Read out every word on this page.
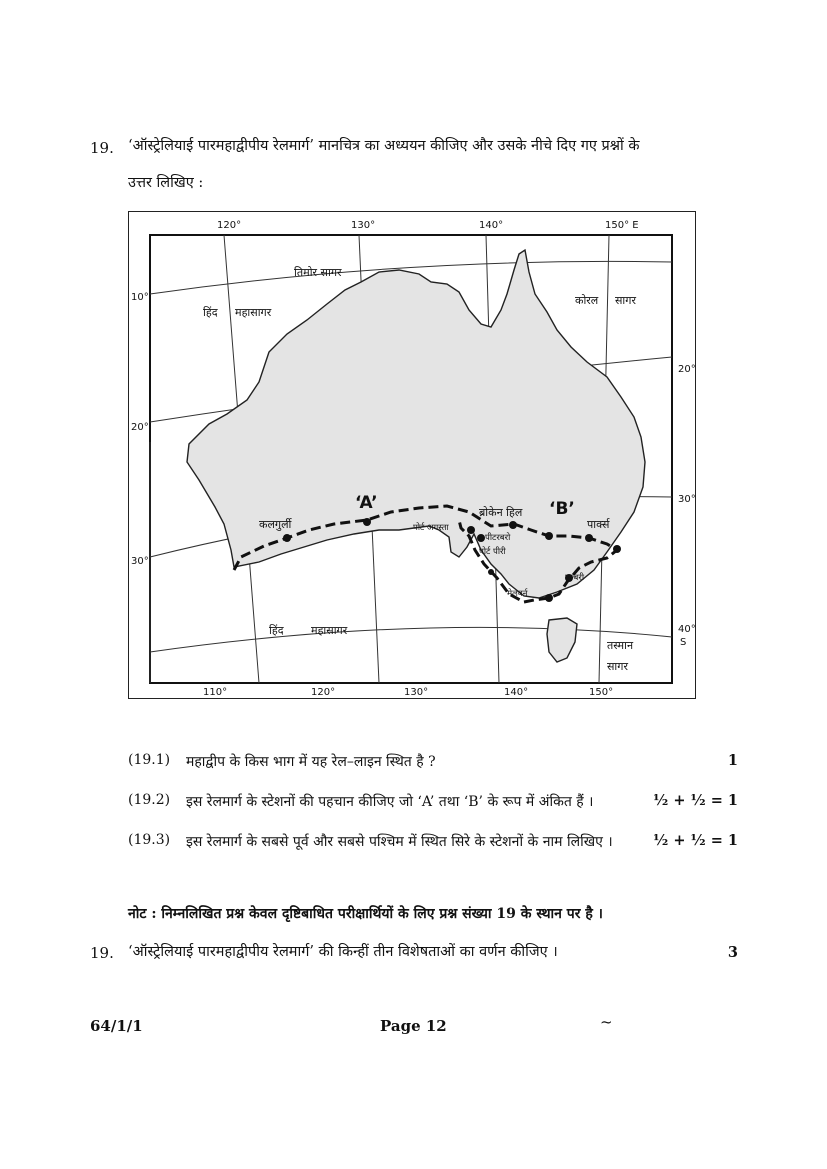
19. ‘ऑस्ट्रेलियाई पारमहाद्वीपीय रेलमार्ग’ मानचित्र का अध्ययन कीजिए और उसके नीचे दिए गए प्रश्नों के
उत्तर लिखिए :
120°	130°	140°	150° E
110°	120°	130°	140°	150°
10°
20°
30°
20°
30°
40°
S
तिमोर सागर
हिंद महासागर
कोरल सागर
हिंद महासागर
तस्मान
सागर
‘A’	‘B’
कलगुर्ली
ब्रोकेन हिल
पार्क्स
पोर्ट अगस्ता
पीटरबरो
पोर्ट पीरी
मेलबर्न
एल्बरी
(19.1) महाद्वीप के किस भाग में यह रेल–लाइन स्थित है ?	1
(19.2) इस रेलमार्ग के स्टेशनों की पहचान कीजिए जो ‘A’ तथा ‘B’ के रूप में अंकित हैं ।	½ + ½ = 1
(19.3) इस रेलमार्ग के सबसे पूर्व और सबसे पश्चिम में स्थित सिरे के स्टेशनों के नाम लिखिए ।	½ + ½ = 1
नोट : निम्नलिखित प्रश्न केवल दृष्टिबाधित परीक्षार्थियों के लिए प्रश्न संख्या 19 के स्थान पर है ।
19. ‘ऑस्ट्रेलियाई पारमहाद्वीपीय रेलमार्ग’ की किन्हीं तीन विशेषताओं का वर्णन कीजिए ।	3
64/1/1	Page 12	~
